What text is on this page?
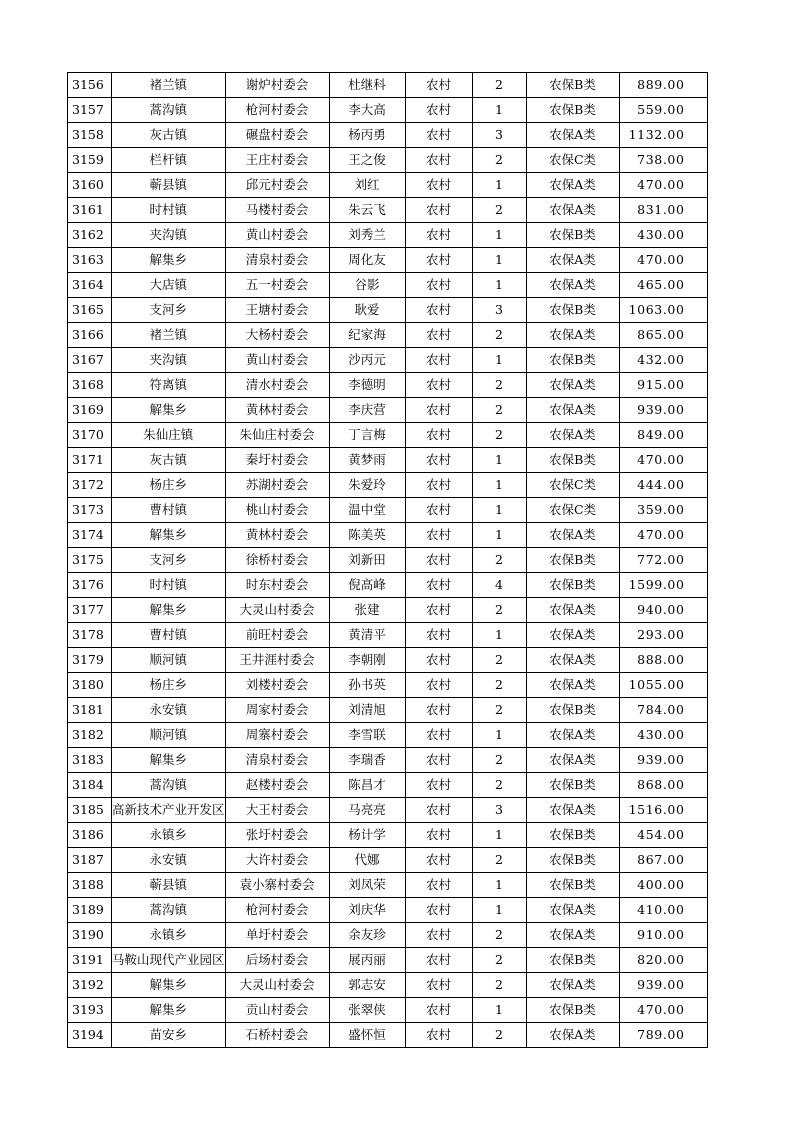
3156	褚兰镇	谢炉村委会	杜继科	农村	2	农保B类	889.00
3157	蒿沟镇	枪河村委会	李大高	农村	1	农保B类	559.00
3158	灰古镇	碾盘村委会	杨丙勇	农村	3	农保A类	1132.00
3159	栏杆镇	王庄村委会	王之俊	农村	2	农保C类	738.00
3160	蕲县镇	邱元村委会	刘红	农村	1	农保A类	470.00
3161	时村镇	马楼村委会	朱云飞	农村	2	农保A类	831.00
3162	夹沟镇	黄山村委会	刘秀兰	农村	1	农保B类	430.00
3163	解集乡	清泉村委会	周化友	农村	1	农保A类	470.00
3164	大店镇	五一村委会	谷影	农村	1	农保A类	465.00
3165	支河乡	王塘村委会	耿爱	农村	3	农保B类	1063.00
3166	褚兰镇	大杨村委会	纪家海	农村	2	农保A类	865.00
3167	夹沟镇	黄山村委会	沙丙元	农村	1	农保B类	432.00
3168	符离镇	清水村委会	李德明	农村	2	农保A类	915.00
3169	解集乡	黄林村委会	李庆营	农村	2	农保A类	939.00
3170	朱仙庄镇	朱仙庄村委会	丁言梅	农村	2	农保A类	849.00
3171	灰古镇	秦圩村委会	黄梦雨	农村	1	农保B类	470.00
3172	杨庄乡	苏湖村委会	朱爱玲	农村	1	农保C类	444.00
3173	曹村镇	桃山村委会	温中堂	农村	1	农保C类	359.00
3174	解集乡	黄林村委会	陈美英	农村	1	农保A类	470.00
3175	支河乡	徐桥村委会	刘新田	农村	2	农保B类	772.00
3176	时村镇	时东村委会	倪高峰	农村	4	农保B类	1599.00
3177	解集乡	大灵山村委会	张建	农村	2	农保A类	940.00
3178	曹村镇	前旺村委会	黄清平	农村	1	农保A类	293.00
3179	顺河镇	王井涯村委会	李朝刚	农村	2	农保A类	888.00
3180	杨庄乡	刘楼村委会	孙书英	农村	2	农保A类	1055.00
3181	永安镇	周家村委会	刘清旭	农村	2	农保B类	784.00
3182	顺河镇	周寨村委会	李雪联	农村	1	农保A类	430.00
3183	解集乡	清泉村委会	李瑞香	农村	2	农保A类	939.00
3184	蒿沟镇	赵楼村委会	陈昌才	农村	2	农保B类	868.00
3185	高新技术产业开发区	大王村委会	马亮亮	农村	3	农保A类	1516.00
3186	永镇乡	张圩村委会	杨计学	农村	1	农保B类	454.00
3187	永安镇	大许村委会	代娜	农村	2	农保B类	867.00
3188	蕲县镇	袁小寨村委会	刘凤荣	农村	1	农保B类	400.00
3189	蒿沟镇	枪河村委会	刘庆华	农村	1	农保A类	410.00
3190	永镇乡	单圩村委会	余友珍	农村	2	农保A类	910.00
3191	马鞍山现代产业园区	后场村委会	展丙丽	农村	2	农保B类	820.00
3192	解集乡	大灵山村委会	郭志安	农村	2	农保A类	939.00
3193	解集乡	贡山村委会	张翠侠	农村	1	农保B类	470.00
3194	苗安乡	石桥村委会	盛怀恒	农村	2	农保A类	789.00
